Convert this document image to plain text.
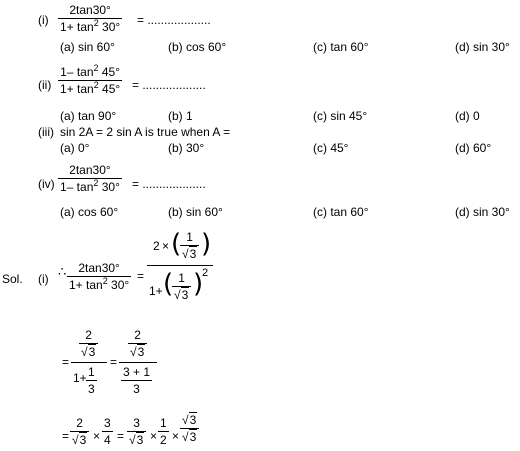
$(i) \frac{2\tan 30^\circ}{1+ \tan^2 30^\circ}$ = ...................
(a) sin 60°	(b) cos 60°	(c) tan 60°	(d) sin 30°
$(ii) \frac{1- \tan^2 45^\circ}{1+ \tan^2 45^\circ}$ = ...................
(a) tan 90°	(b) 1	(c) sin 45°	(d) 0
(iii) sin 2A = 2 sin A is true when A =
(a) 0°	(b) 30°	(c) 45°	(d) 60°
$(iv) \frac{2\tan 30^\circ}{1- \tan^2 30^\circ}$ = ...................
(a) cos 60°	(b) sin 60°	(c) tan 60°	(d) sin 30°
Sol. (i) ∴ $\frac{2\tan 30^\circ}{1+ \tan^2 30^\circ}$ =
2 × (
$\frac{1}{√3}$ )
1+ (
$\frac{1}{√3}$ )
2
=
$\frac{2}{√3}$
$1+ \frac{1}{3}$
=
$\frac{2}{√3}$
$\frac{3 + 1}{3}$
= $\frac{2}{√3} \times \frac{3}{4} = \frac{3}{√3} \times \frac{1}{2} \times \frac{√3}{√3}$
